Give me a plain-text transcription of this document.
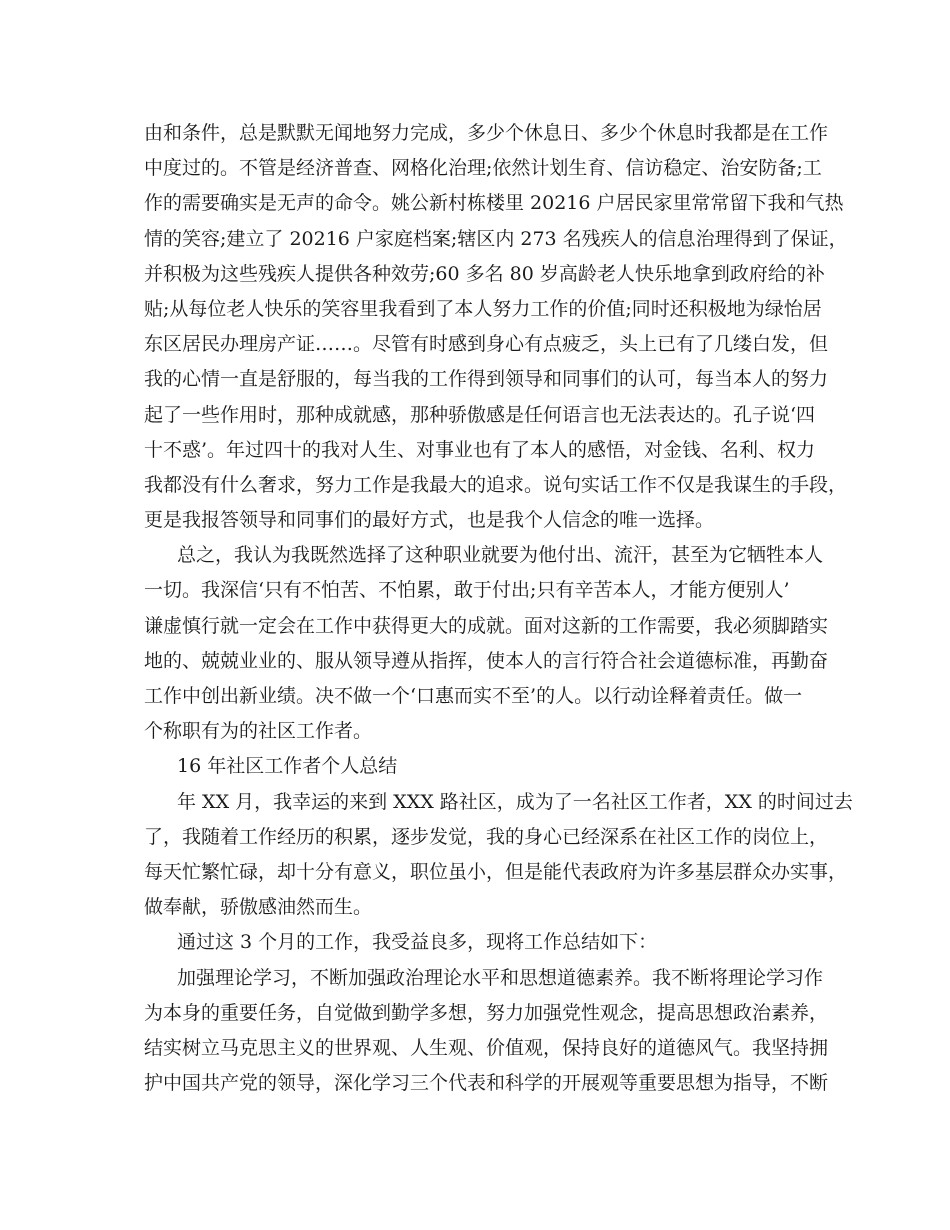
由和条件，总是默默无闻地努力完成，多少个休息日、多少个休息时我都是在工作
中度过的。不管是经济普查、网格化治理;依然计划生育、信访稳定、治安防备;工
作的需要确实是无声的命令。姚公新村栋楼里 20216 户居民家里常常留下我和气热
情的笑容;建立了 20216 户家庭档案;辖区内 273 名残疾人的信息治理得到了保证，
并积极为这些残疾人提供各种效劳;60 多名 80 岁高龄老人快乐地拿到政府给的补
贴;从每位老人快乐的笑容里我看到了本人努力工作的价值;同时还积极地为绿怡居
东区居民办理房产证……。尽管有时感到身心有点疲乏，头上已有了几缕白发，但
我的心情一直是舒服的，每当我的工作得到领导和同事们的认可，每当本人的努力
起了一些作用时，那种成就感，那种骄傲感是任何语言也无法表达的。孔子说‘四
十不惑’。年过四十的我对人生、对事业也有了本人的感悟，对金钱、名利、权力
我都没有什么奢求，努力工作是我最大的追求。说句实话工作不仅是我谋生的手段，
更是我报答领导和同事们的最好方式，也是我个人信念的唯一选择。
总之，我认为我既然选择了这种职业就要为他付出、流汗，甚至为它牺牲本人
一切。我深信‘只有不怕苦、不怕累，敢于付出;只有辛苦本人，才能方便别人’
谦虚慎行就一定会在工作中获得更大的成就。面对这新的工作需要，我必须脚踏实
地的、兢兢业业的、服从领导遵从指挥，使本人的言行符合社会道德标准，再勤奋
工作中创出新业绩。决不做一个‘口惠而实不至’的人。以行动诠释着责任。做一
个称职有为的社区工作者。
16 年社区工作者个人总结
年 XX 月，我幸运的来到 XXX 路社区，成为了一名社区工作者，XX 的时间过去
了，我随着工作经历的积累，逐步发觉，我的身心已经深系在社区工作的岗位上，
每天忙繁忙碌，却十分有意义，职位虽小，但是能代表政府为许多基层群众办实事，
做奉献，骄傲感油然而生。
通过这 3 个月的工作，我受益良多，现将工作总结如下：
加强理论学习，不断加强政治理论水平和思想道德素养。我不断将理论学习作
为本身的重要任务，自觉做到勤学多想，努力加强党性观念，提高思想政治素养，
结实树立马克思主义的世界观、人生观、价值观，保持良好的道德风气。我坚持拥
护中国共产党的领导，深化学习三个代表和科学的开展观等重要思想为指导，不断
